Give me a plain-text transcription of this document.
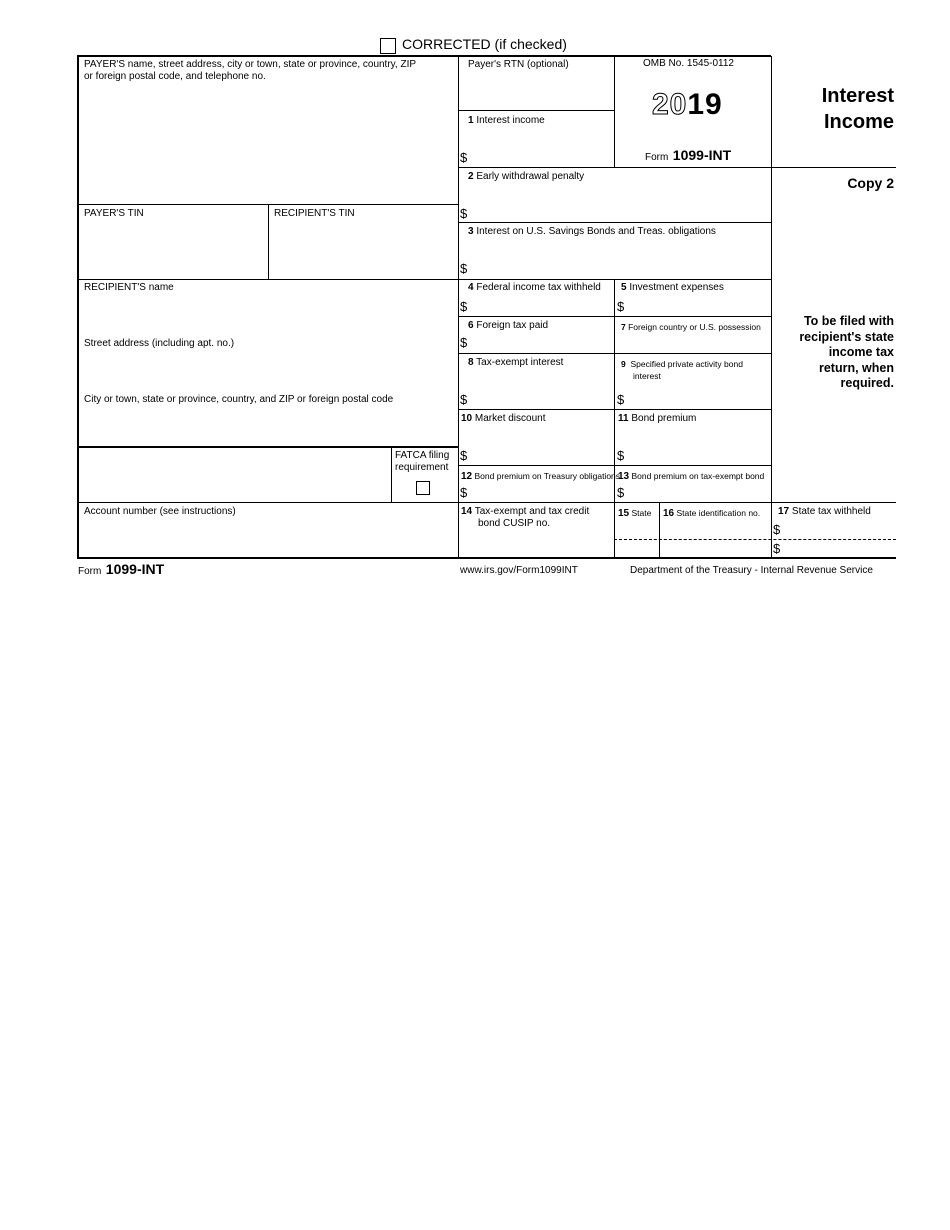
CORRECTED (if checked)
PAYER'S name, street address, city or town, state or province, country, ZIP
or foreign postal code, and telephone no.
PAYER'S TIN	RECIPIENT'S TIN
RECIPIENT'S name
Street address (including apt. no.)
City or town, state or province, country, and ZIP or foreign postal code
FATCA filing
requirement
Account number (see instructions)
Payer's RTN (optional)
1 Interest income
$
2 Early withdrawal penalty
$
3 Interest on U.S. Savings Bonds and Treas. obligations
$
4 Federal income tax withheld
$
5 Investment expenses
$
6 Foreign tax paid
$
7 Foreign country or U.S. possession
8 Tax-exempt interest
$
9 Specified private activity bond
interest
$
10 Market discount
$
11 Bond premium
$
12 Bond premium on Treasury obligations
$
13 Bond premium on tax-exempt bond
$
14 Tax-exempt and tax credit
bond CUSIP no.
15 State 16 State identification no. 17 State tax withheld
$
$
OMB No. 1545-0112
2019
Form 1099-INT
Interest
Income
Copy 2
To be filed with
recipient's state
income tax
return, when
required.
Form 1099-INT	www.irs.gov/Form1099INT	Department of the Treasury - Internal Revenue Service
